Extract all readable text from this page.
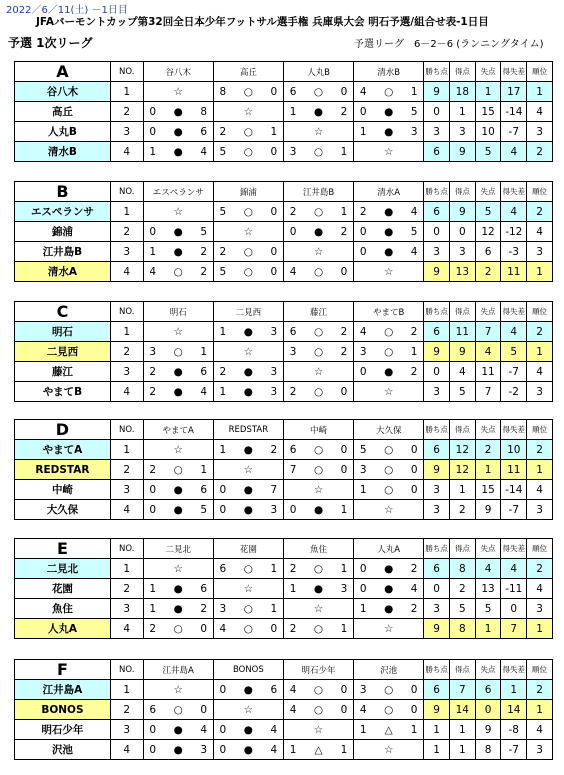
2022／6／11(土) －1日目
JFAバーモントカップ第32回全日本少年フットサル選手権 兵庫県大会 明石予選/組合せ表-1日目
予選 1次リーグ	予選リーグ　6－2－6 (ランニングタイム)
A	NO.	谷八木			高丘			人丸B			清水B			勝ち点	得点	失点	得失差	順位
谷八木	1	☆			8	○	0	6	○	0	4	○	1	9	18	1	17	1
高丘	2	0	●	8	☆			1	●	2	0	●	5	0	1	15	-14	4
人丸B	3	0	●	6	2	○	1	☆			1	●	3	3	3	10	-7	3
清水B	4	1	●	4	5	○	0	3	○	1	☆			6	9	5	4	2
B	NO.	エスペランサ			錦浦			江井島B			清水A			勝ち点	得点	失点	得失差	順位
エスペランサ	1	☆			5	○	0	2	○	1	2	●	4	6	9	5	4	2
錦浦	2	0	●	5	☆			0	●	2	0	●	5	0	0	12	-12	4
江井島B	3	1	●	2	2	○	0	☆			0	●	4	3	3	6	-3	3
清水A	4	4	○	2	5	○	0	4	○	0	☆			9	13	2	11	1
C	NO.	明石			二見西			藤江			やまてB			勝ち点	得点	失点	得失差	順位
明石	1	☆			1	●	3	6	○	2	4	○	2	6	11	7	4	2
二見西	2	3	○	1	☆			3	○	2	3	○	1	9	9	4	5	1
藤江	3	2	●	6	2	●	3	☆			0	●	2	0	4	11	-7	4
やまてB	4	2	●	4	1	●	3	2	○	0	☆			3	5	7	-2	3
D	NO.	やまてA			REDSTAR			中崎			大久保			勝ち点	得点	失点	得失差	順位
やまてA	1	☆			1	●	2	6	○	0	5	○	0	6	12	2	10	2
REDSTAR	2	2	○	1	☆			7	○	0	3	○	0	9	12	1	11	1
中崎	3	0	●	6	0	●	7	☆			1	○	0	3	1	15	-14	4
大久保	4	0	●	5	0	●	3	0	●	1	☆			3	2	9	-7	3
E	NO.	二見北			花園			魚住			人丸A			勝ち点	得点	失点	得失差	順位
二見北	1	☆			6	○	1	2	○	1	0	●	2	6	8	4	4	2
花園	2	1	●	6	☆			1	●	3	0	●	4	0	2	13	-11	4
魚住	3	1	●	2	3	○	1	☆			1	●	2	3	5	5	0	3
人丸A	4	2	○	0	4	○	0	2	○	1	☆			9	8	1	7	1
F	NO.	江井島A			BONOS			明石少年			沢池			勝ち点	得点	失点	得失差	順位
江井島A	1	☆			0	●	6	4	○	0	3	○	0	6	7	6	1	2
BONOS	2	6	○	0	☆			4	○	0	4	○	0	9	14	0	14	1
明石少年	3	0	●	4	0	●	4	☆			1	△	1	1	1	9	-8	4
沢池	4	0	●	3	0	●	4	1	△	1	☆			1	1	8	-7	3
